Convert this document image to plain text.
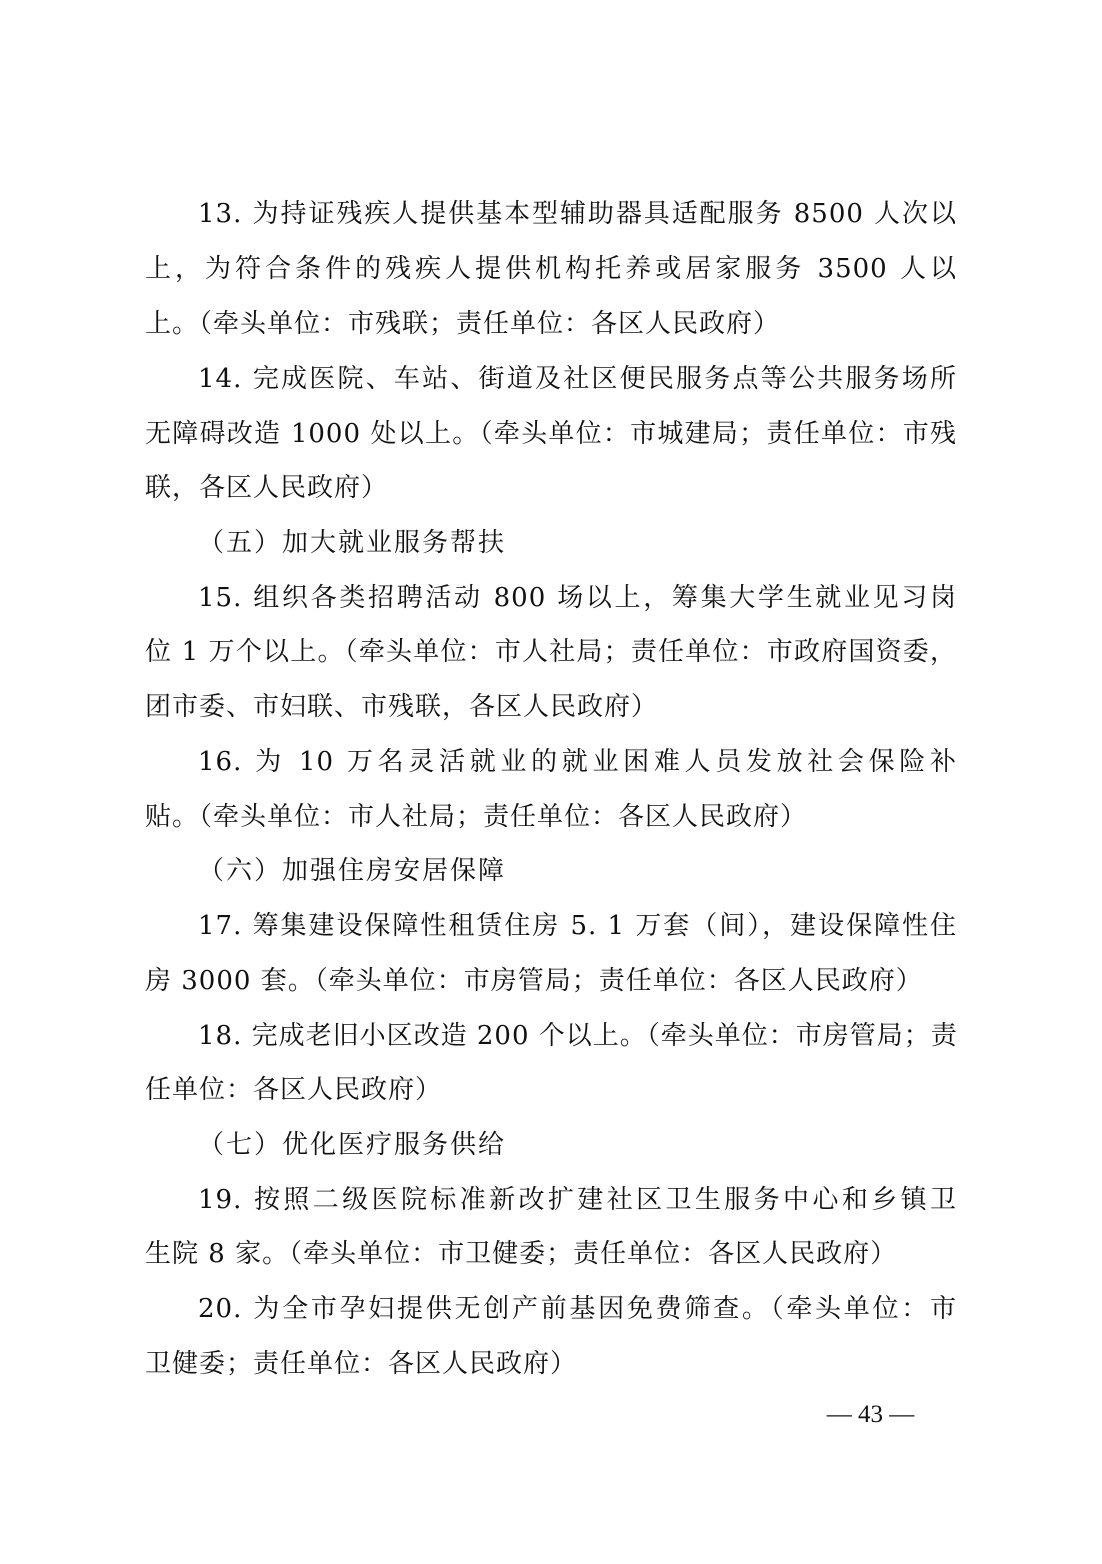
13. 为持证残疾人提供基本型辅助器具适配服务 8500 人次以
上，为符合条件的残疾人提供机构托养或居家服务 3500 人以
上。（牵头单位：市残联；责任单位：各区人民政府）
14. 完成医院、车站、街道及社区便民服务点等公共服务场所
无障碍改造 1000 处以上。（牵头单位：市城建局；责任单位：市残
联，各区人民政府）
（五）加大就业服务帮扶
15. 组织各类招聘活动 800 场以上，筹集大学生就业见习岗
位 1 万个以上。（牵头单位：市人社局；责任单位：市政府国资委，
团市委、市妇联、市残联，各区人民政府）
16. 为 10 万名灵活就业的就业困难人员发放社会保险补
贴。（牵头单位：市人社局；责任单位：各区人民政府）
（六）加强住房安居保障
17. 筹集建设保障性租赁住房 5. 1 万套（间），建设保障性住
房 3000 套。（牵头单位：市房管局；责任单位：各区人民政府）
18. 完成老旧小区改造 200 个以上。（牵头单位：市房管局；责
任单位：各区人民政府）
（七）优化医疗服务供给
19. 按照二级医院标准新改扩建社区卫生服务中心和乡镇卫
生院 8 家。（牵头单位：市卫健委；责任单位：各区人民政府）
20. 为全市孕妇提供无创产前基因免费筛查。（牵头单位：市
卫健委；责任单位：各区人民政府）
— 43 —
